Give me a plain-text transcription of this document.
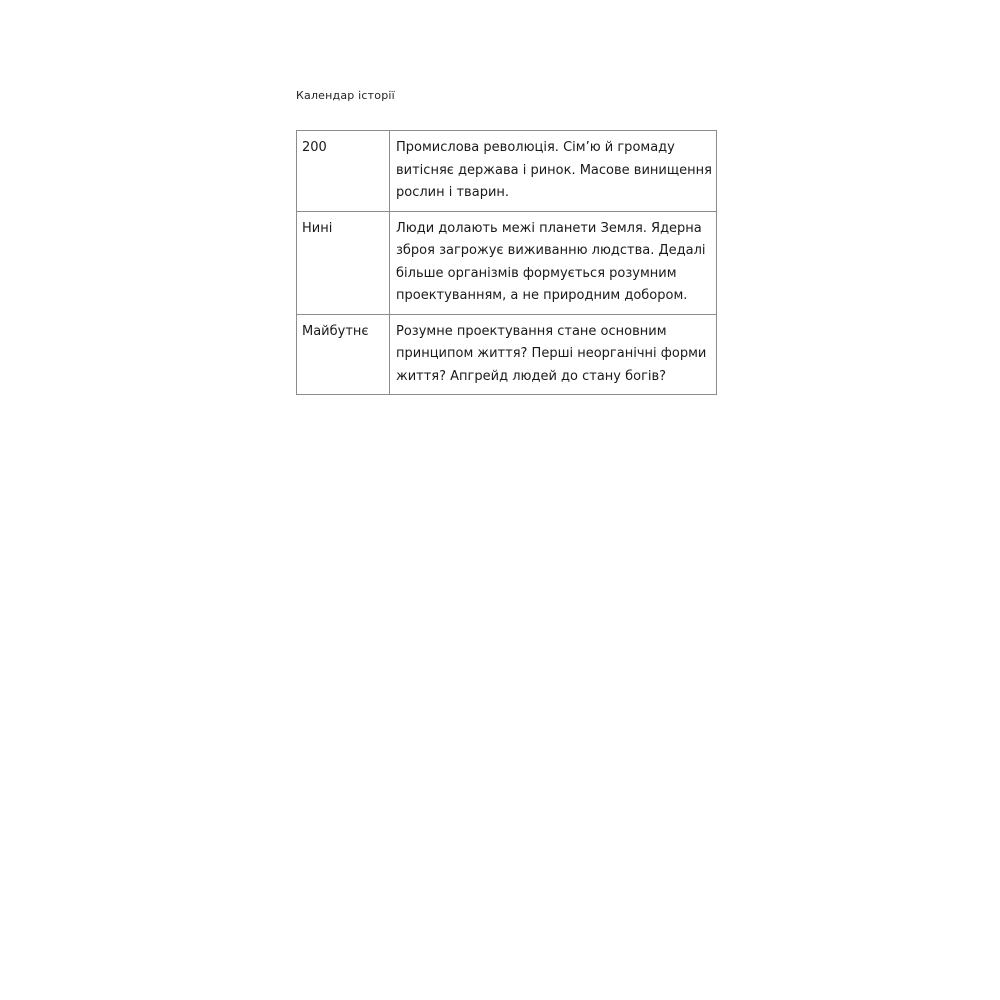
Календар історії
200	Промислова революція. Сім’ю й громаду витісняє держава і ринок. Масове винищення рослин і тварин.
Нині	Люди долають межі планети Земля. Ядерна зброя загрожує виживанню людства. Дедалі більше організмів формується розумним проектуванням, а не природним добором.
Майбутнє	Розумне проектування стане основним принципом життя? Перші неорганічні форми життя? Апгрейд людей до стану богів?
